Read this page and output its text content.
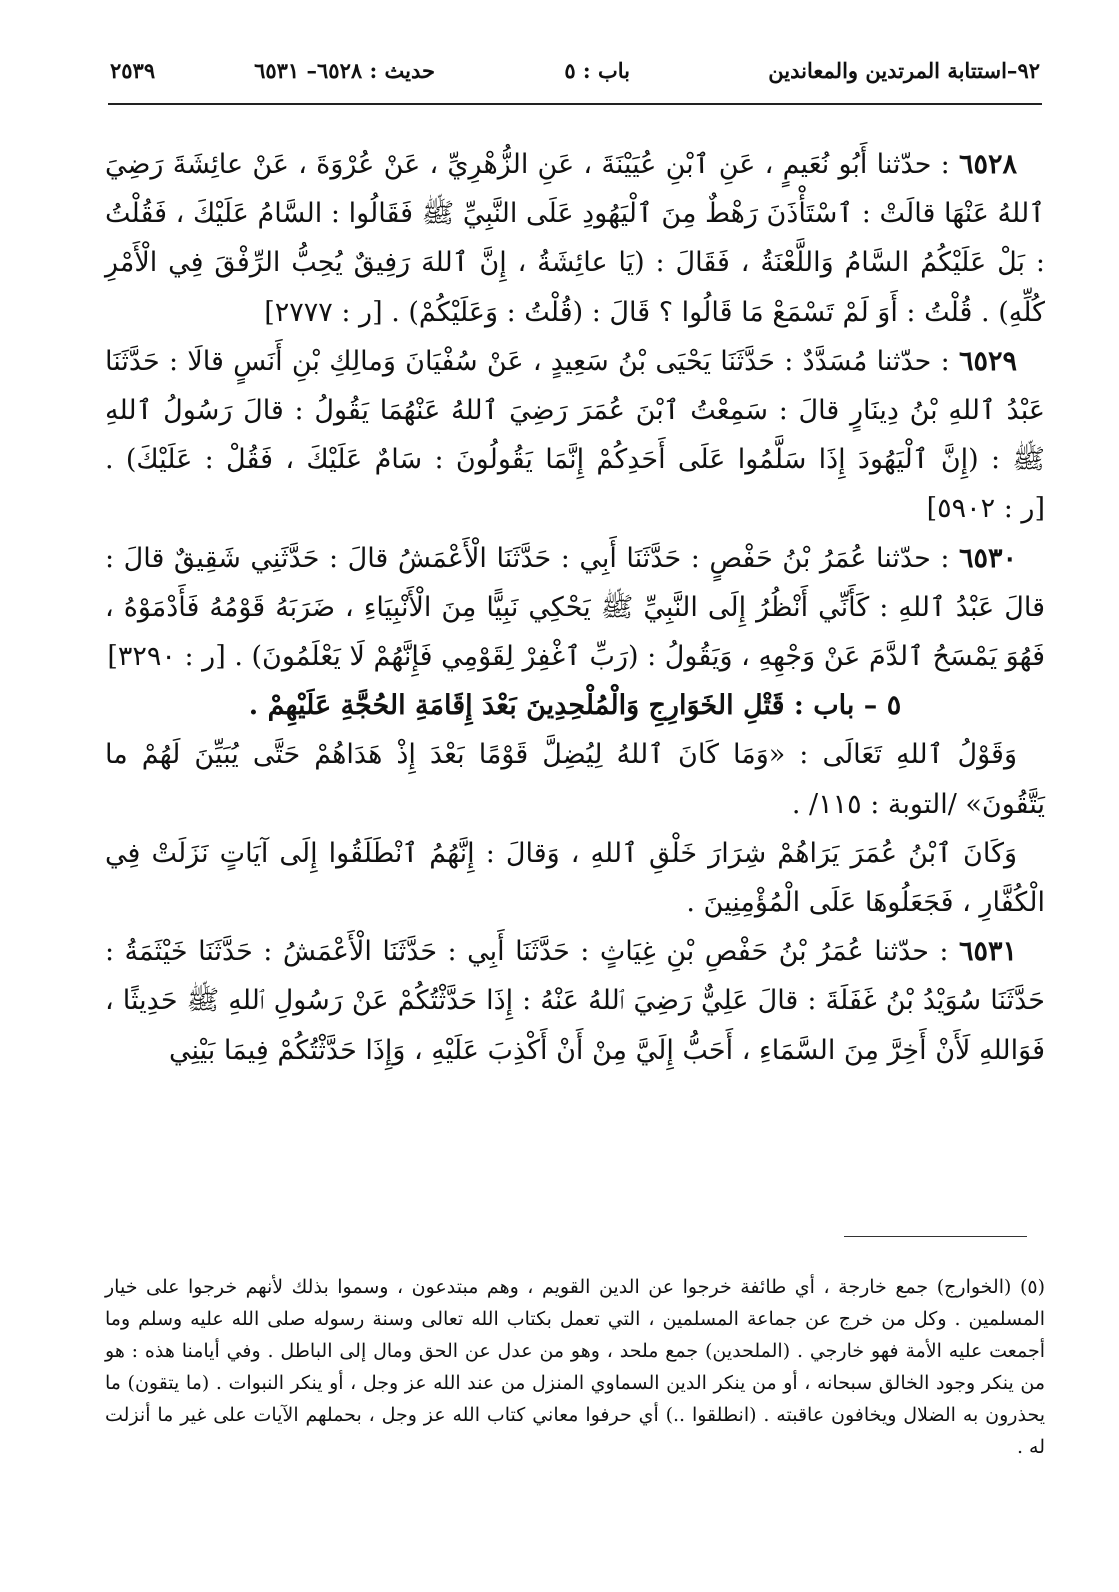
٩٢–استتابة المرتدين والمعاندين
باب : ٥
حديث : ٦٥٢٨– ٦٥٣١
٢٥٣٩

٦٥٢٨ : حدّثنا أَبُو نُعَيمٍ ، عَنِ ٱبْنِ عُيَيْنَةَ ، عَنِ الزُّهْرِيِّ ، عَنْ عُرْوَةَ ، عَنْ عائِشَةَ رَضِيَ ٱللهُ عَنْهَا قالَتْ : ٱسْتَأْذَنَ رَهْطٌ مِنَ ٱلْيَهُودِ عَلَى النَّبِيِّ ﷺ فَقَالُوا : السَّامُ عَلَيْكَ ، فَقُلْتُ : بَلْ عَلَيْكُمُ السَّامُ وَاللَّعْنَةُ ، فَقَالَ : (يَا عائِشَةُ ، إِنَّ ٱللهَ رَفِيقٌ يُحِبُّ الرِّفْقَ فِي الْأَمْرِ كُلِّهِ) . قُلْتُ : أَوَ لَمْ تَسْمَعْ مَا قَالُوا ؟ قَالَ : (قُلْتُ : وَعَلَيْكُمْ) . [ر : ٢٧٧٧]

٦٥٢٩ : حدّثنا مُسَدَّدٌ : حَدَّثَنَا يَحْيَى بْنُ سَعِيدٍ ، عَنْ سُفْيَانَ وَمالِكِ بْنِ أَنَسٍ قالَا : حَدَّثَنَا عَبْدُ ٱللهِ بْنُ دِينَارٍ قالَ : سَمِعْتُ ٱبْنَ عُمَرَ رَضِيَ ٱللهُ عَنْهُمَا يَقُولُ : قالَ رَسُولُ ٱللهِ ﷺ : (إِنَّ ٱلْيَهُودَ إِذَا سَلَّمُوا عَلَى أَحَدِكُمْ إِنَّمَا يَقُولُونَ : سَامٌ عَلَيْكَ ، فَقُلْ : عَلَيْكَ) . [ر : ٥٩٠٢]

٦٥٣٠ : حدّثنا عُمَرُ بْنُ حَفْصٍ : حَدَّثَنَا أَبِي : حَدَّثَنَا الْأَعْمَشُ قالَ : حَدَّثَنِي شَقِيقٌ قالَ : قالَ عَبْدُ ٱللهِ : كَأَنِّي أَنْظُرُ إِلَى النَّبِيِّ ﷺ يَحْكِي نَبِيًّا مِنَ الْأَنْبِيَاءِ ، ضَرَبَهُ قَوْمُهُ فَأَدْمَوْهُ ، فَهُوَ يَمْسَحُ ٱلدَّمَ عَنْ وَجْهِهِ ، وَيَقُولُ : (رَبِّ ٱغْفِرْ لِقَوْمِي فَإِنَّهُمْ لَا يَعْلَمُونَ) . [ر : ٣٢٩٠]

٥ – باب : قَتْلِ الخَوَارِجِ وَالْمُلْحِدِينَ بَعْدَ إِقَامَةِ الحُجَّةِ عَلَيْهِمْ .

وَقَوْلُ ٱللهِ تَعَالَى : «وَمَا كَانَ ٱللهُ لِيُضِلَّ قَوْمًا بَعْدَ إِذْ هَدَاهُمْ حَتَّى يُبَيِّنَ لَهُمْ ما يَتَّقُونَ» /التوبة : ١١٥/ .

وَكَانَ ٱبْنُ عُمَرَ يَرَاهُمْ شِرَارَ خَلْقِ ٱللهِ ، وَقالَ : إِنَّهُمُ ٱنْطَلَقُوا إِلَى آيَاتٍ نَزَلَتْ فِي الْكُفَّارِ ، فَجَعَلُوهَا عَلَى الْمُؤْمِنِينَ .

٦٥٣١ : حدّثنا عُمَرُ بْنُ حَفْصِ بْنِ غِيَاثٍ : حَدَّثَنَا أَبِي : حَدَّثَنَا الْأَعْمَشُ : حَدَّثَنَا خَيْثَمَةُ : حَدَّثَنَا سُوَيْدُ بْنُ غَفَلَةَ : قالَ عَلِيٌّ رَضِيَ ٱللهُ عَنْهُ : إِذَا حَدَّثْتُكُمْ عَنْ رَسُولِ ٱللهِ ﷺ حَدِيثًا ، فَوَاللهِ لَأَنْ أَخِرَّ مِنَ السَّمَاءِ ، أَحَبُّ إِلَيَّ مِنْ أَنْ أَكْذِبَ عَلَيْهِ ، وَإِذَا حَدَّثْتُكُمْ فِيمَا بَيْنِي

(٥) (الخوارج) جمع خارجة ، أي طائفة خرجوا عن الدين القويم ، وهم مبتدعون ، وسموا بذلك لأنهم خرجوا على خيار المسلمين . وكل من خرج عن جماعة المسلمين ، التي تعمل بكتاب الله تعالى وسنة رسوله صلى الله عليه وسلم وما أجمعت عليه الأمة فهو خارجي . (الملحدين) جمع ملحد ، وهو من عدل عن الحق ومال إلى الباطل . وفي أيامنا هذه : هو من ينكر وجود الخالق سبحانه ، أو من ينكر الدين السماوي المنزل من عند الله عز وجل ، أو ينكر النبوات . (ما يتقون) ما يحذرون به الضلال ويخافون عاقبته . (انطلقوا ..) أي حرفوا معاني كتاب الله عز وجل ، بحملهم الآيات على غير ما أنزلت له .
